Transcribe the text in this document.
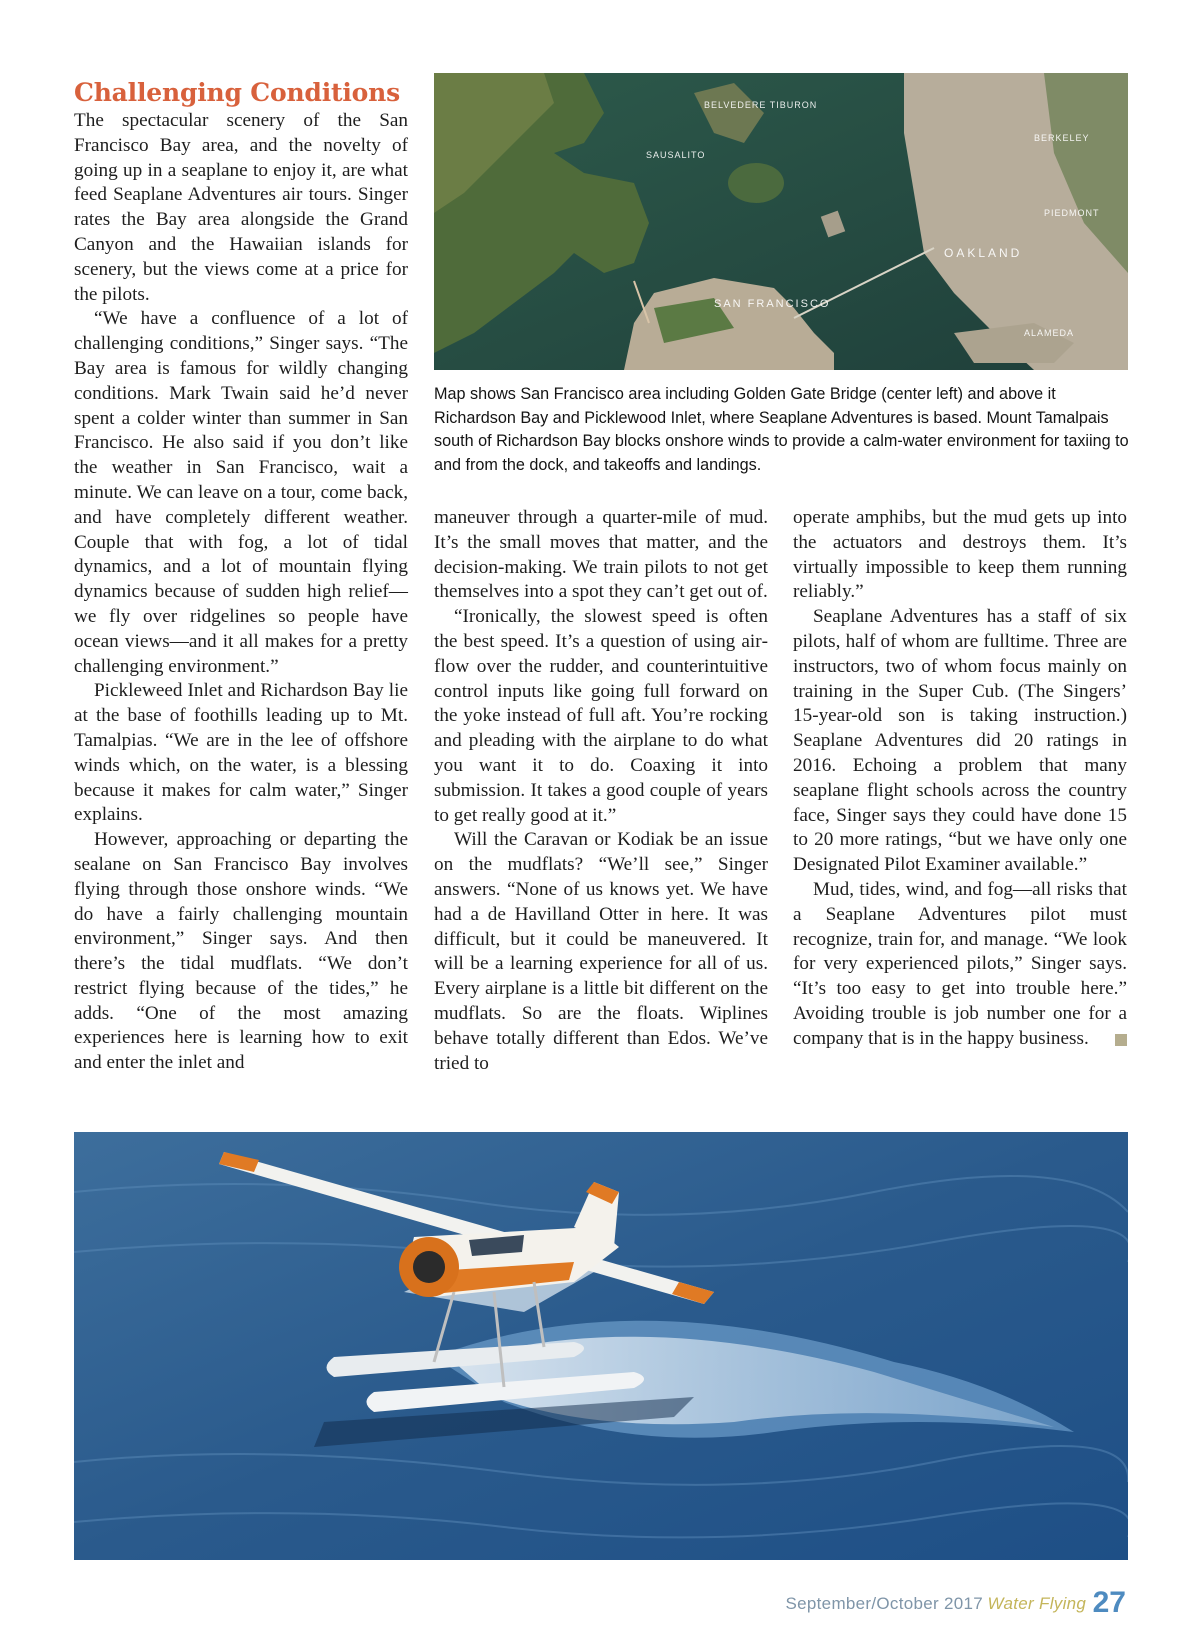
Challenging Conditions

The spectacular scenery of the San Francisco Bay area, and the novelty of going up in a seaplane to enjoy it, are what feed Seaplane Adventures air tours. Singer rates the Bay area alongside the Grand Canyon and the Hawaiian islands for scenery, but the views come at a price for the pilots.

“We have a confluence of a lot of challenging conditions,” Singer says. “The Bay area is famous for wildly changing conditions. Mark Twain said he’d never spent a colder winter than summer in San Francisco. He also said if you don’t like the weather in San Francisco, wait a minute. We can leave on a tour, come back, and have completely different weather. Couple that with fog, a lot of tidal dynamics, and a lot of mountain flying dynamics because of sudden high relief—we fly over ridgelines so people have ocean views—and it all makes for a pretty challenging environment.”

Pickleweed Inlet and Richardson Bay lie at the base of foothills leading up to Mt. Tamalpias. “We are in the lee of offshore winds which, on the water, is a blessing because it makes for calm water,” Singer explains.

However, approaching or departing the sealane on San Francisco Bay involves flying through those onshore winds. “We do have a fairly challenging mountain environment,” Singer says. And then there’s the tidal mudflats. “We don’t restrict flying because of the tides,” he adds. “One of the most amazing experiences here is learning how to exit and enter the inlet and

BELVEDERE TIBURON
SAUSALITO
BERKELEY
PIEDMONT
OAKLAND
SAN FRANCISCO
ALAMEDA
Map shows San Francisco area including Golden Gate Bridge (center left) and above it Richardson Bay and Picklewood Inlet, where Seaplane Adventures is based. Mount Tamalpais south of Richardson Bay blocks onshore winds to provide a calm-water environment for taxiing to and from the dock, and takeoffs and landings.

maneuver through a quarter-mile of mud. It’s the small moves that matter, and the decision-making. We train pilots to not get themselves into a spot they can’t get out of.

“Ironically, the slowest speed is often the best speed. It’s a question of using airflow over the rudder, and counterintuitive control inputs like going full forward on the yoke instead of full aft. You’re rocking and pleading with the airplane to do what you want it to do. Coaxing it into submission. It takes a good couple of years to get really good at it.”

Will the Caravan or Kodiak be an issue on the mudflats? “We’ll see,” Singer answers. “None of us knows yet. We have had a de Havilland Otter in here. It was difficult, but it could be maneuvered. It will be a learning experience for all of us. Every airplane is a little bit different on the mudflats. So are the floats. Wiplines behave totally different than Edos. We’ve tried to

operate amphibs, but the mud gets up into the actuators and destroys them. It’s virtually impossible to keep them running reliably.”

Seaplane Adventures has a staff of six pilots, half of whom are fulltime. Three are instructors, two of whom focus mainly on training in the Super Cub. (The Singers’ 15-year-old son is taking instruction.) Seaplane Adventures did 20 ratings in 2016. Echoing a problem that many seaplane flight schools across the country face, Singer says they could have done 15 to 20 more ratings, “but we have only one Designated Pilot Examiner available.”

Mud, tides, wind, and fog—all risks that a Seaplane Adventures pilot must recognize, train for, and manage. “We look for very experienced pilots,” Singer says. “It’s too easy to get into trouble here.” Avoiding trouble is job number one for a company that is in the happy business.

September/October 2017 Water Flying 27
